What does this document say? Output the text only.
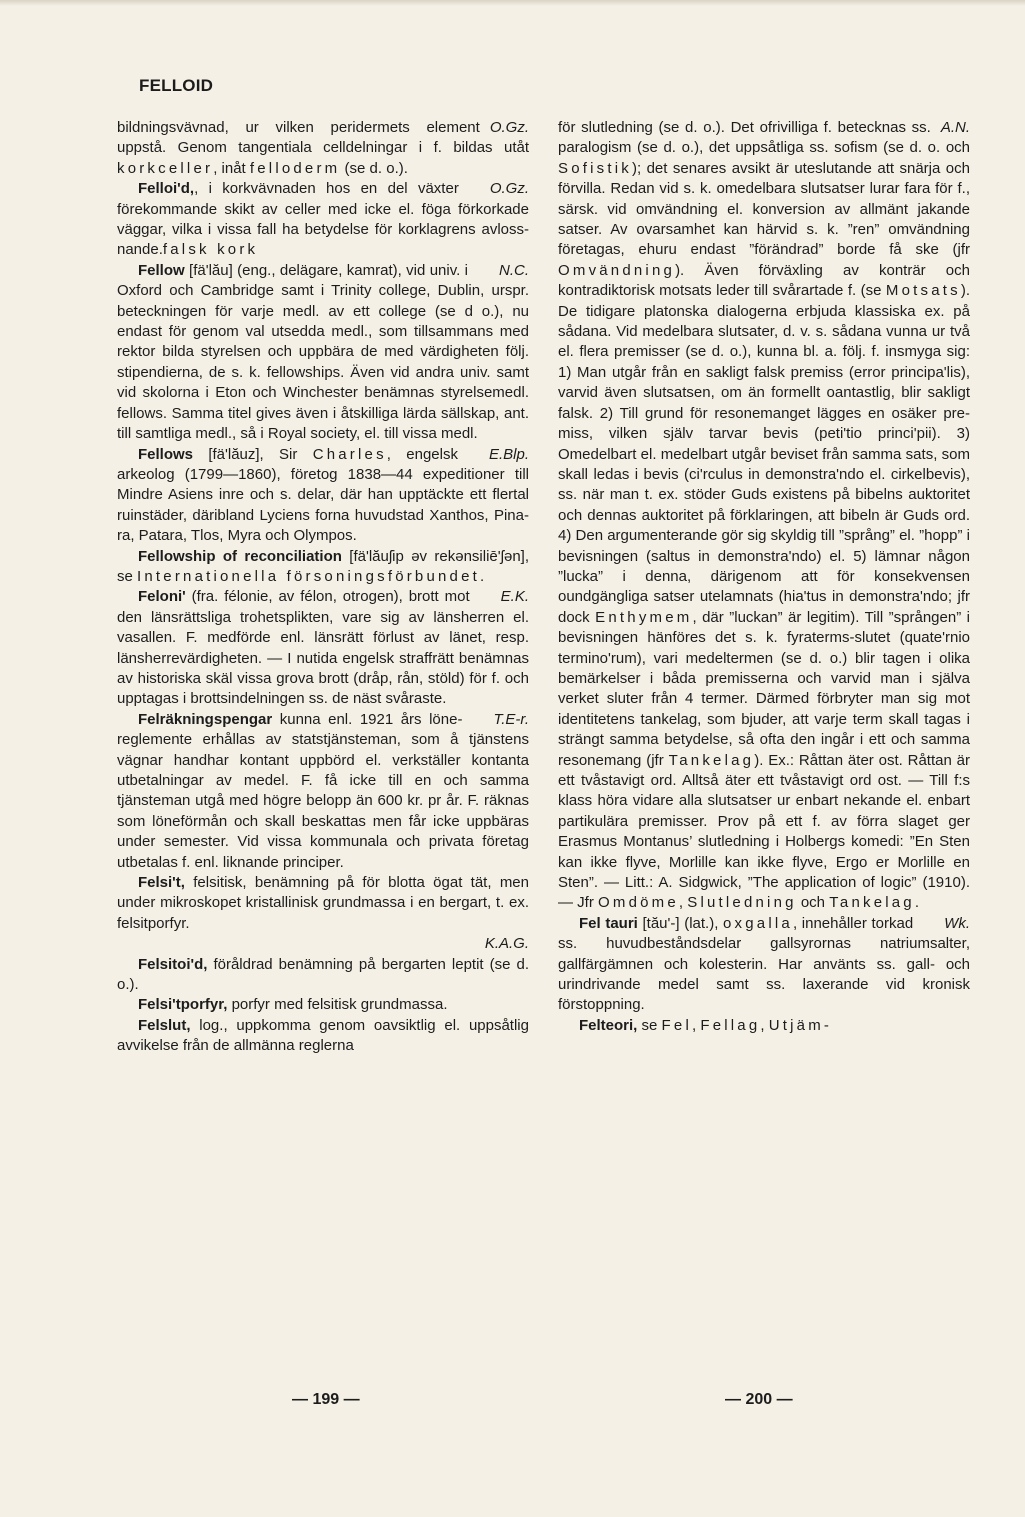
FELLOID

O.Gz.
bildningsvävnad, ur vilken peridermets element uppstå. Genom tangentiala celldelningar i f. bildas utåt korkceller, inåt felloderm (se d. o.).

O.Gz.
Felloi'd,, i korkvävnaden hos en del växter förekommande skikt av celler med icke el. föga förkorkade väggar, vilka i vissa fall ha betydelse för korklagrens avlossnande.falsk kork

N.C.
Fellow [fä'lău] (eng., delägare, kamrat), vid univ. i Oxford och Cambridge samt i Trinity college, Dublin, urspr. beteckningen för varje medl. av ett college (se d o.), nu endast för genom val utsedda medl., som tillsammans med rektor bilda styrelsen och uppbära de med värdigheten följ. stipendierna, de s. k. fellowships. Även vid andra univ. samt vid skolorna i Eton och Winchester benämnas styrelsemedl. fellows. Samma titel gives även i åtskilliga lärda sällskap, ant. till samtliga medl., så i Royal society, el. till vissa medl.

E.Blp.
Fellows [fä'lăuz], Sir Charles, engelsk arkeolog (1799—1860), företog 1838—44 expeditioner till Mindre Asiens inre och s. delar, där han upptäckte ett flertal ruinstäder, däribland Lyciens forna huvudstad Xanthos, Pinara, Patara, Tlos, Myra och Olympos.

Fellowship of reconciliation [fä'lăuʃip əv rekənsiliē'ʃən], se Internationella försoningsförbundet.

E.K.
Feloni' (fra. félonie, av félon, otrogen), brott mot den länsrättsliga trohetsplikten, vare sig av länsherren el. vasallen. F. medförde enl. länsrätt förlust av länet, resp. länsherrevärdigheten. — I nutida engelsk straffrätt benämnas av historiska skäl vissa grova brott (dråp, rån, stöld) för f. och upptagas i brottsindelningen ss. de näst svåraste.

T.E-r.
Felräkningspengar kunna enl. 1921 års lönereglemente erhållas av statstjänsteman, som å tjänstens vägnar handhar kontant uppbörd el. verkställer kontanta utbetalningar av medel. F. få icke till en och samma tjänsteman utgå med högre belopp än 600 kr. pr år. F. räknas som löneförmån och skall beskattas men får icke uppbäras under semester. Vid vissa kommunala och privata företag utbetalas f. enl. liknande principer.

Felsi't, felsitisk, benämning på för blotta ögat tät, men under mikroskopet kristallinisk grundmassa i en bergart, t. ex. felsitporfyr.
K.A.G.

Felsitoi'd, föråldrad benämning på bergarten leptit (se d. o.).

Felsi'tporfyr, porfyr med felsitisk grundmassa.

Felslut, log., uppkomma genom oavsiktlig el. uppsåtlig avvikelse från de allmänna reglerna

A.N.
för slutledning (se d. o.). Det ofrivilliga f. betecknas ss. paralogism (se d. o.), det uppsåtliga ss. sofism (se d. o. och Sofistik); det senares avsikt är uteslutande att snärja och förvilla. Redan vid s. k. omedelbara slutsatser lurar fara för f., särsk. vid omvändning el. konversion av allmänt jakande satser. Av ovarsamhet kan härvid s. k. ”ren” omvändning företagas, ehuru endast ”förändrad” borde få ske (jfr Omvändning). Även förväxling av konträr och kontradiktorisk motsats leder till svårartade f. (se Motsats). De tidigare platonska dialogerna erbjuda klassiska ex. på sådana. Vid medelbara slutsater, d. v. s. sådana vunna ur två el. flera premisser (se d. o.), kunna bl. a. följ. f. insmyga sig: 1) Man utgår från en sakligt falsk premiss (error principa'lis), varvid även slutsatsen, om än formellt oantastlig, blir sakligt falsk. 2) Till grund för resonemanget lägges en osäker premiss, vilken själv tarvar bevis (peti'tio princi'pii). 3) Omedelbart el. medelbart utgår beviset från samma sats, som skall ledas i bevis (ci'rculus in demonstra'ndo el. cirkelbevis), ss. när man t. ex. stöder Guds existens på bibelns auktoritet och dennas auktoritet på förklaringen, att bibeln är Guds ord. 4) Den argumenterande gör sig skyldig till ”språng” el. ”hopp” i bevisningen (saltus in demonstra'ndo) el. 5) lämnar någon ”lucka” i denna, därigenom att för konsekvensen oundgängliga satser utelamnats (hia'tus in demonstra'ndo; jfr dock Enthymem, där ”luckan” är legitim). Till ”sprången” i bevisningen hänföres det s. k. fyraterms-slutet (quate'rnio termino'rum), vari medeltermen (se d. o.) blir tagen i olika bemärkelser i båda premisserna och varvid man i själva verket sluter från 4 termer. Därmed förbryter man sig mot identitetens tankelag, som bjuder, att varje term skall tagas i strängt samma betydelse, så ofta den ingår i ett och samma resonemang (jfr Tankelag). Ex.: Råttan äter ost. Råttan är ett tvåstavigt ord. Alltså äter ett tvåstavigt ord ost. — Till f:s klass höra vidare alla slutsatser ur enbart nekande el. enbart partikulära premisser. Prov på ett f. av förra slaget ger Erasmus Montanus’ slutledning i Holbergs komedi: ”En Sten kan ikke flyve, Morlille kan ikke flyve, Ergo er Morlille en Sten”. — Litt.: A. Sidgwick, ”The application of logic” (1910). — Jfr Omdöme, Slutledning och Tankelag.

Wk.
Fel tauri [tău'-] (lat.), oxgalla, innehåller torkad ss. huvudbeståndsdelar gallsyrornas natriumsalter, gallfärgämnen och kolesterin. Har använts ss. gall- och urindrivande medel samt ss. laxerande vid kronisk förstoppning.

Felteori, se Fel, Fellag, Utjäm-

— 199 —	— 200 —
